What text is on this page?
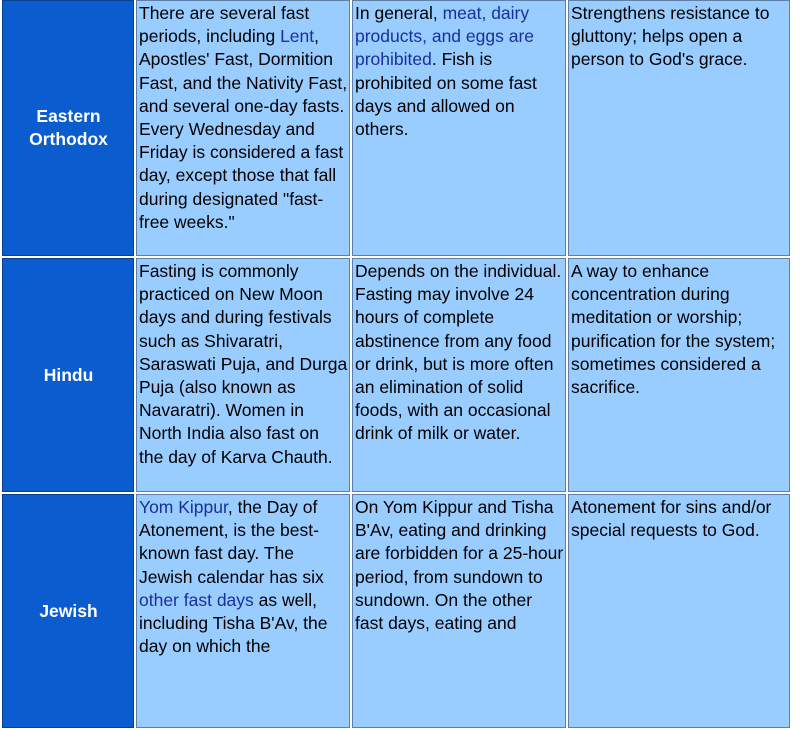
Eastern Orthodox	There are several fast periods, including Lent, Apostles' Fast, Dormition Fast, and the Nativity Fast, and several one-day fasts. Every Wednesday and Friday is considered a fast day, except those that fall during designated "fast-free weeks."	In general, meat, dairy products, and eggs are prohibited. Fish is prohibited on some fast days and allowed on others.	Strengthens resistance to gluttony; helps open a person to God's grace.
Hindu	Fasting is commonly practiced on New Moon days and during festivals such as Shivaratri, Saraswati Puja, and Durga Puja (also known as Navaratri). Women in North India also fast on the day of Karva Chauth.	Depends on the individual. Fasting may involve 24 hours of complete abstinence from any food or drink, but is more often an elimination of solid foods, with an occasional drink of milk or water.	A way to enhance concentration during meditation or worship; purification for the system; sometimes considered a sacrifice.
Jewish	Yom Kippur, the Day of Atonement, is the best-known fast day. The Jewish calendar has six other fast days as well, including Tisha B'Av, the day on which the	On Yom Kippur and Tisha B'Av, eating and drinking are forbidden for a 25-hour period, from sundown to sundown. On the other fast days, eating and	Atonement for sins and/or special requests to God.
